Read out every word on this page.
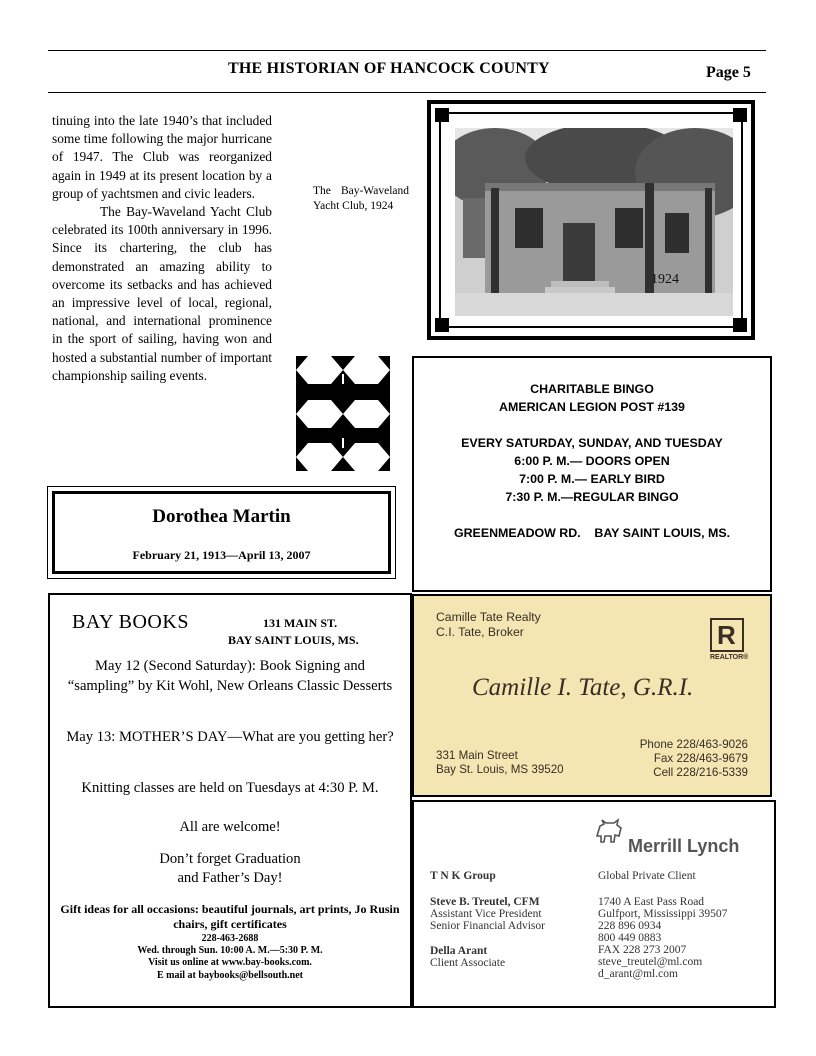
THE HISTORIAN OF HANCOCK COUNTY	Page 5

tinuing into the late 1940’s that included some time following the major hurricane of 1947. The Club was reorganized again in 1949 at its present location by a group of yachtsmen and civic leaders.

The Bay-Waveland Yacht Club celebrated its 100th anniversary in 1996. Since its chartering, the club has demonstrated an amazing ability to overcome its setbacks and has achieved an impressive level of local, regional, national, and international prominence in the sport of sailing, having won and hosted a substantial number of important championship sailing events.

The Bay-Waveland Yacht Club, 1924
1924
Dorothea Martin
February 21, 1913—April 13, 2007
CHARITABLE BINGO
AMERICAN LEGION POST #139
EVERY SATURDAY, SUNDAY, AND TUESDAY
6:00 P. M.— DOORS OPEN
7:00 P. M.— EARLY BIRD
7:30 P. M.—REGULAR BINGO
GREENMEADOW RD.    BAY SAINT LOUIS, MS.
BAY BOOKS	131 MAIN ST.
BAY SAINT LOUIS, MS.
May 12 (Second Saturday): Book Signing and “sampling” by Kit Wohl, New Orleans Classic Desserts
May 13: MOTHER’S DAY—What are you getting her?
Knitting classes are held on Tuesdays at 4:30 P. M.
All are welcome!
Don’t forget Graduation
and Father’s Day!
Gift ideas for all occasions: beautiful journals, art prints, Jo Rusin chairs, gift certificates
228-463-2688
Wed. through Sun. 10:00 A. M.—5:30 P. M.
Visit us online at www.bay-books.com.
E mail at baybooks@bellsouth.net
Camille Tate Realty
C.I. Tate, Broker	R
REALTOR®
Camille I. Tate, G.R.I.
331 Main Street
Bay St. Louis, MS 39520
Phone 228/463-9026
Fax 228/463-9679
Cell 228/216-5339
Merrill Lynch
T N K Group	Global Private Client
Steve B. Treutel, CFM
Assistant Vice President
Senior Financial Advisor
Della Arant
Client Associate
1740 A East Pass Road
Gulfport, Mississippi 39507
228 896 0934
800 449 0883
FAX 228 273 2007
steve_treutel@ml.com
d_arant@ml.com
